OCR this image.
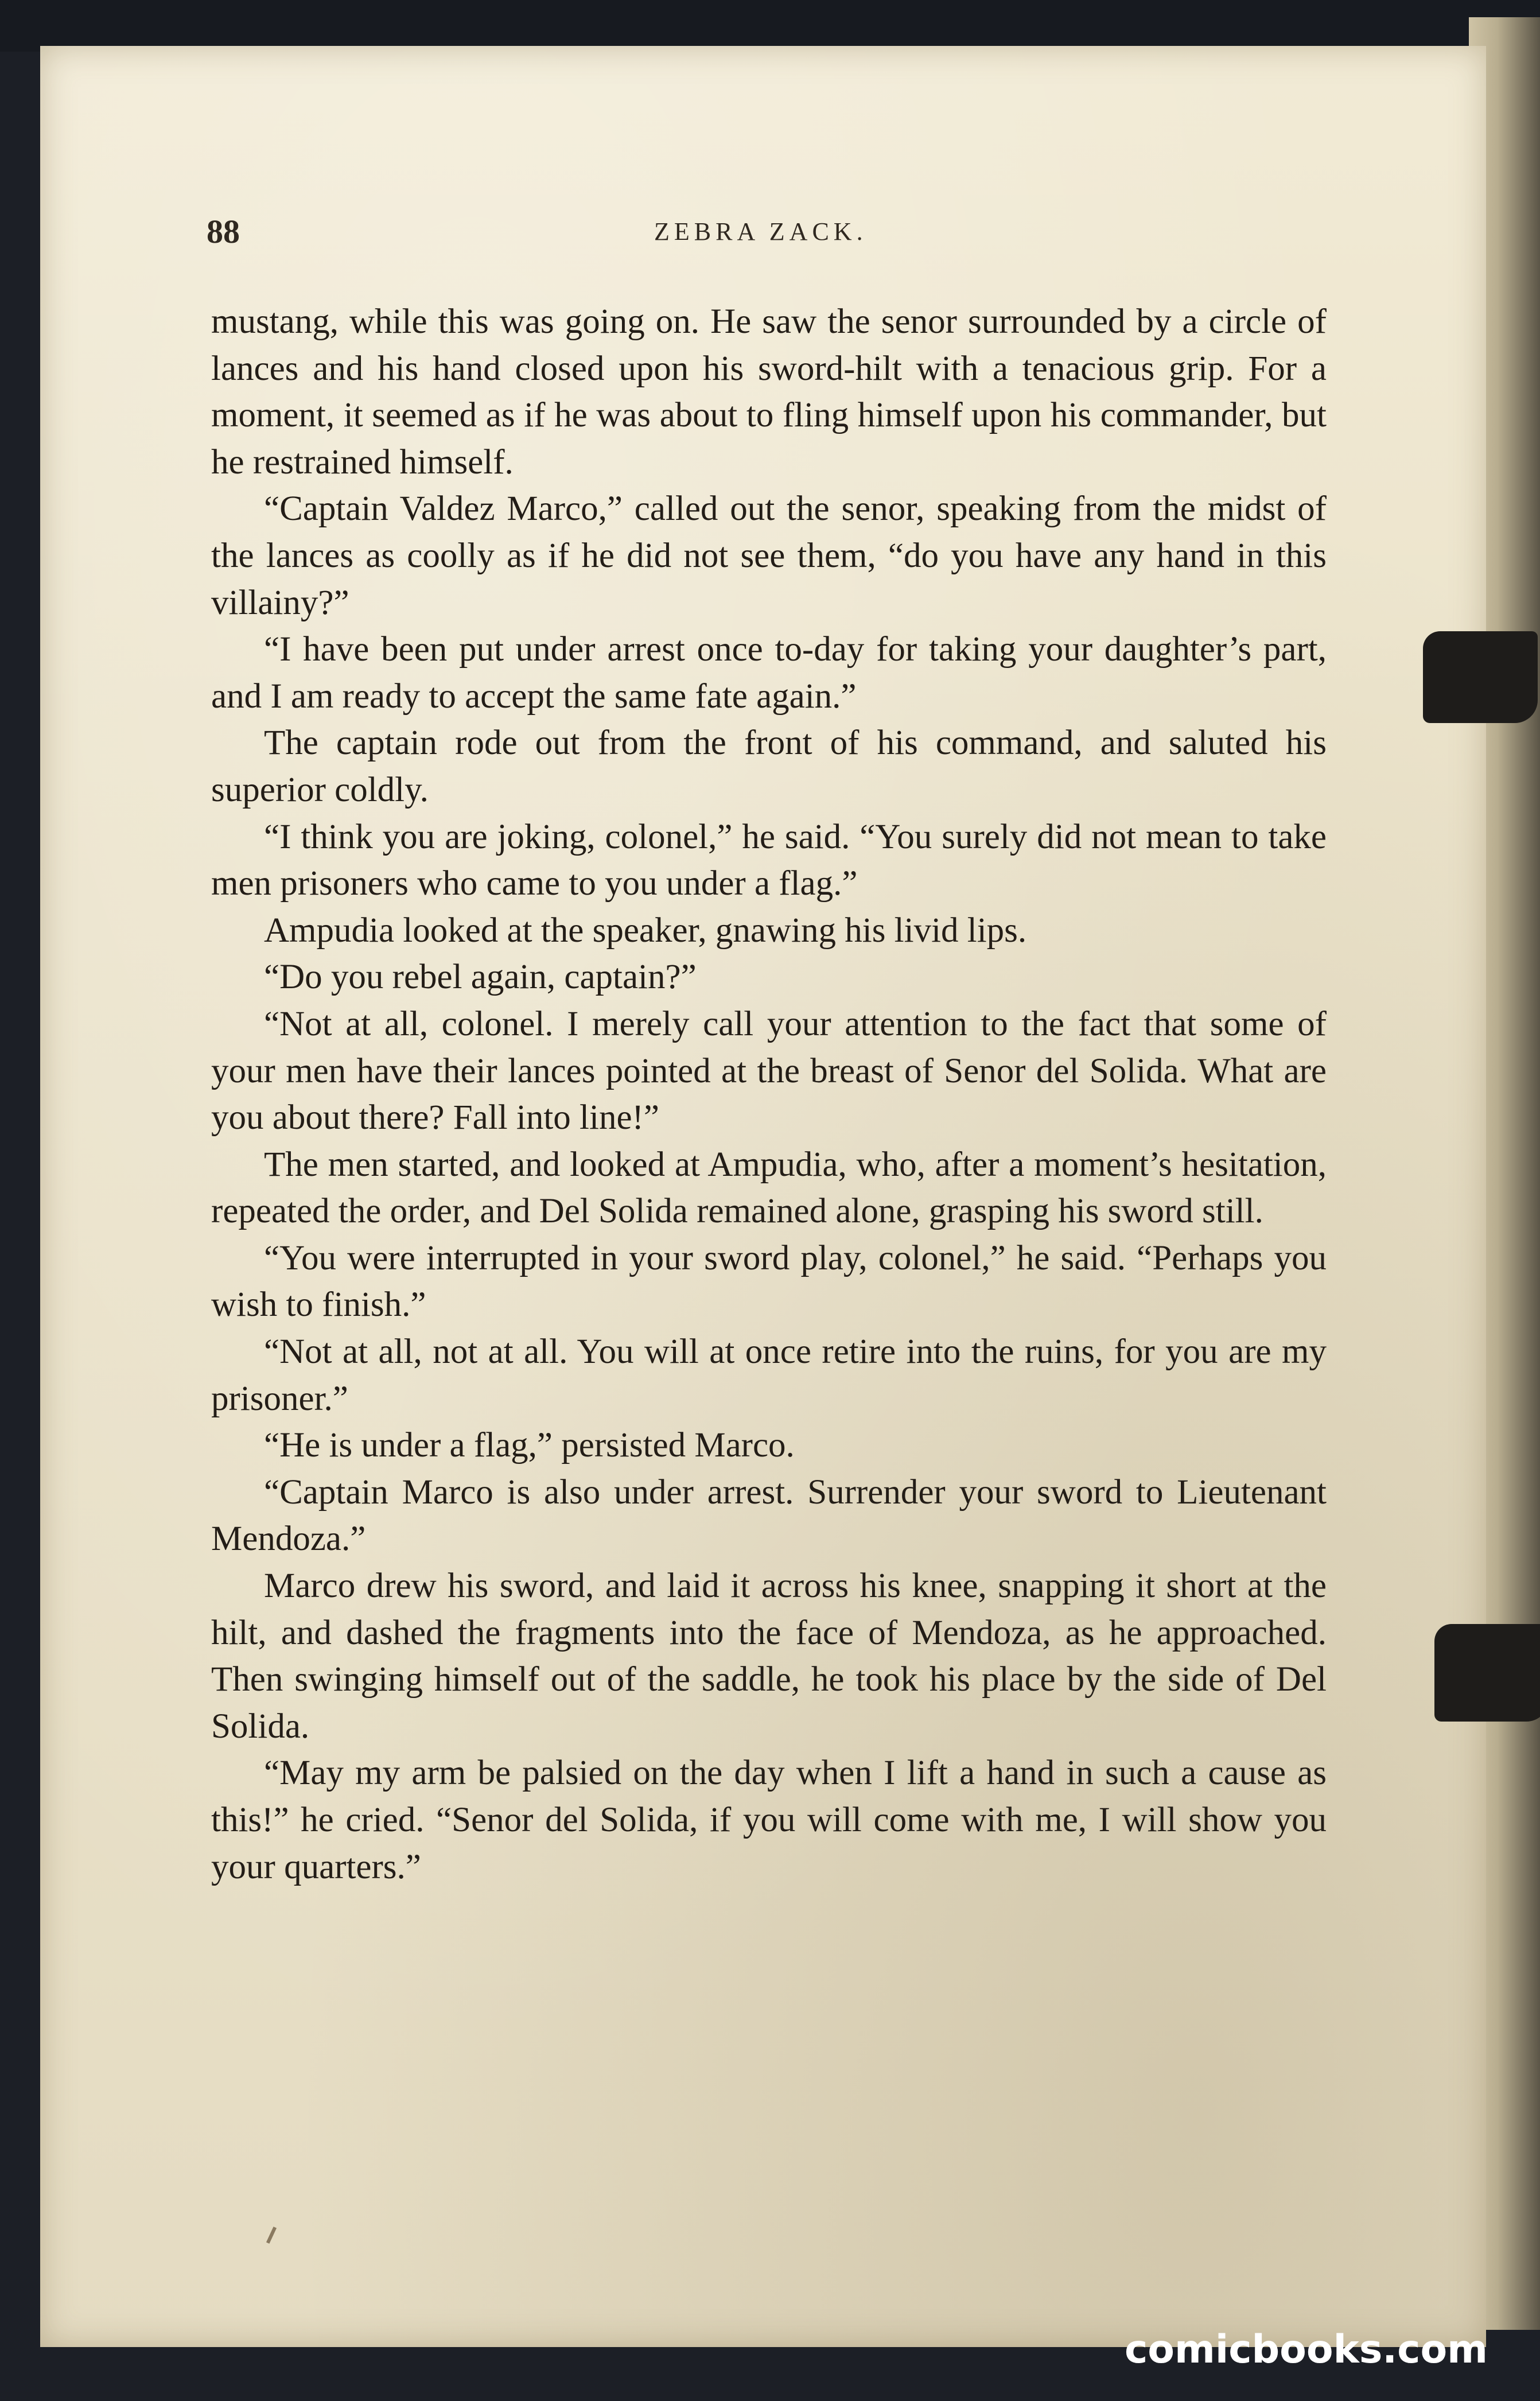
88	ZEBRA ZACK.

mustang, while this was going on. He saw the senor surrounded by a circle of lances and his hand closed upon his sword-hilt with a tenacious grip. For a moment, it seemed as if he was about to fling himself upon his commander, but he restrained himself.

“Captain Valdez Marco,” called out the senor, speaking from the midst of the lances as coolly as if he did not see them, “do you have any hand in this villainy?”

“I have been put under arrest once to-day for taking your daughter’s part, and I am ready to accept the same fate again.”

The captain rode out from the front of his command, and saluted his superior coldly.

“I think you are joking, colonel,” he said. “You surely did not mean to take men prisoners who came to you under a flag.”

Ampudia looked at the speaker, gnawing his livid lips.

“Do you rebel again, captain?”

“Not at all, colonel. I merely call your attention to the fact that some of your men have their lances pointed at the breast of Senor del Solida. What are you about there? Fall into line!”

The men started, and looked at Ampudia, who, after a moment’s hesitation, repeated the order, and Del Solida remained alone, grasping his sword still.

“You were interrupted in your sword play, colonel,” he said. “Perhaps you wish to finish.”

“Not at all, not at all. You will at once retire into the ruins, for you are my prisoner.”

“He is under a flag,” persisted Marco.

“Captain Marco is also under arrest. Surrender your sword to Lieutenant Mendoza.”

Marco drew his sword, and laid it across his knee, snapping it short at the hilt, and dashed the fragments into the face of Mendoza, as he approached. Then swinging himself out of the saddle, he took his place by the side of Del Solida.

“May my arm be palsied on the day when I lift a hand in such a cause as this!” he cried. “Senor del Solida, if you will come with me, I will show you your quarters.”

comicbooks.com
